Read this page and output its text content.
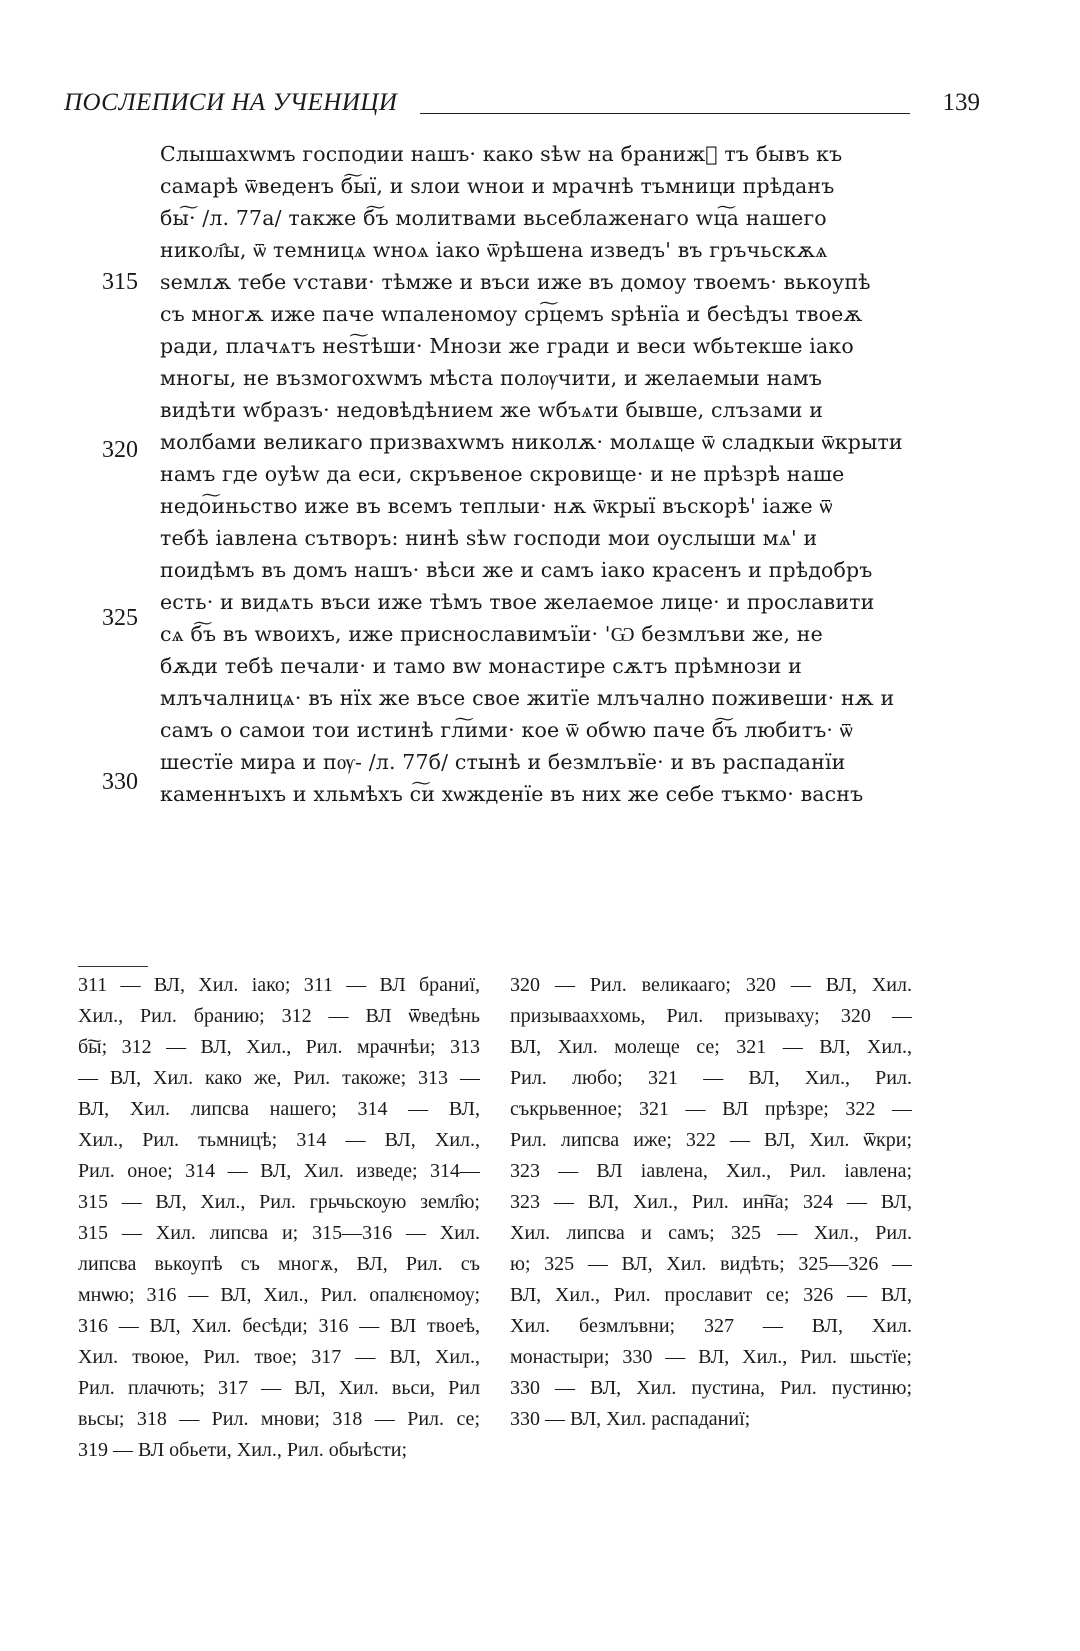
ПОСЛЕПИСИ НА УЧЕНИЦИ	139
Слышахwмъ господии нашъ· како ѕѣw на бранижⷣ тъ бывъ къ
самарѣ ѿведенъ б͠ыї, и ѕлои wнои и мрачнѣ тъмници прѣданъ
бы͠· /л. 77а/ также б͠ъ молитвами вьсеблаженаго wц͠а нашего
никол҄ы, ѿ темницѧ wноѧ іако ѿрѣшена изведъ' въ гръчьскѫѧ
ѕемлѫ тебе ѵстави· тѣмже и въси иже въ домоу твоемъ· вькоупѣ
съ многѫ иже паче wпаленомоу ср͠цемъ ѕрѣнїа и бесѣдъı твоеѫ
ради, плачѧтъ неѕ͠тѣши· Мнози же гради и веси wбьтекше іако
многы, не възмогохwмъ мѣста полѹчити, и желаемыи намъ
видѣти wбразъ· недовѣдѣнием же wбъѧти бывше, слъзами и
молбами великаго призвахwмъ николѫ· молѧще ѿ сладкыи ѿкрыти
намъ где оуѣw да еси, скръвеное скровище· и не прѣзрѣ наше
недо͠иньство иже въ всемъ теплыи· нѫ ѿкрыї въскорѣ' іаже ѿ
тебѣ іавлена сътворъ: нинѣ ѕѣw господи мои оуслыши мѧ' и
поидѣмъ въ домъ нашъ· вѣси же и самъ іако красенъ и прѣдобръ
есть· и видѧть въси иже тѣмъ твое желаемое лице· и прославити
сѧ б͠ъ въ wвоихъ, иже присноcлавимъїи· 'Ѡ безмлъви же, не
бѫди тебѣ печали· и тамо вw монастире сѫтъ прѣмнози и
млъчалницѧ· въ нїх же въсе свое житїе млъчално поживеши· нѫ и
самъ о самои тои истинѣ гл͠ими· кое ѿ обwю паче б͠ъ любитъ· ѿ
шестїе мира и пѹ- /л. 77б/ стынѣ и безмлъвїе· и въ распаданїи
каменнъıхъ и хльмѣхъ с͠и хѡжденїе въ них же себе тъкмо· васнъ
315
320
325
330
311 — ВЛ, Хил. іако; 311 — ВЛ браниї,
Хил., Рил. бранию; 312 — ВЛ ѿведѣнь
б͠ы; 312 — ВЛ, Хил., Рил. мрачнѣи; 313
— ВЛ, Хил. како же, Рил. такоже; 313 —
ВЛ, Хил. липсва нашего; 314 — ВЛ,
Хил., Рил. тьмницѣ; 314 — ВЛ, Хил.,
Рил. оное; 314 — ВЛ, Хил. изведе; 314—
315 — ВЛ, Хил., Рил. грьчьскоую земл҄ю;
315 — Хил. липсва и; 315—316 — Хил.
липсва вькоупѣ съ многѫ, ВЛ, Рил. съ
мнѡю; 316 — ВЛ, Хил., Рил. опалѥномоу;
316 — ВЛ, Хил. бесѣди; 316 — ВЛ твоеѣ,
Хил. твоюе, Рил. твое; 317 — ВЛ, Хил.,
Рил. плачють; 317 — ВЛ, Хил. вьси, Рил
вьсы; 318 — Рил. мнови; 318 — Рил. се;
319 — ВЛ обьети, Хил., Рил. обыѣсти;
320 — Рил. великааго; 320 — ВЛ, Хил.
призывааххомь, Рил. призываху; 320 —
ВЛ, Хил. молеще се; 321 — ВЛ, Хил.,
Рил. любо; 321 — ВЛ, Хил., Рил.
съкрьвенное; 321 — ВЛ прѣзре; 322 —
Рил. липсва иже; 322 — ВЛ, Хил. ѿкри;
323 — ВЛ іавлена, Хил., Рил. іавлена;
323 — ВЛ, Хил., Рил. ин͠на; 324 — ВЛ,
Хил. липсва и самъ; 325 — Хил., Рил.
ю; 325 — ВЛ, Хил. видѣть; 325—326 —
ВЛ, Хил., Рил. прославит се; 326 — ВЛ,
Хил. безмлъвни; 327 — ВЛ, Хил.
монастыри; 330 — ВЛ, Хил., Рил. шьстїе;
330 — ВЛ, Хил. пустина, Рил. пустиню;
330 — ВЛ, Хил. распаданиї;
